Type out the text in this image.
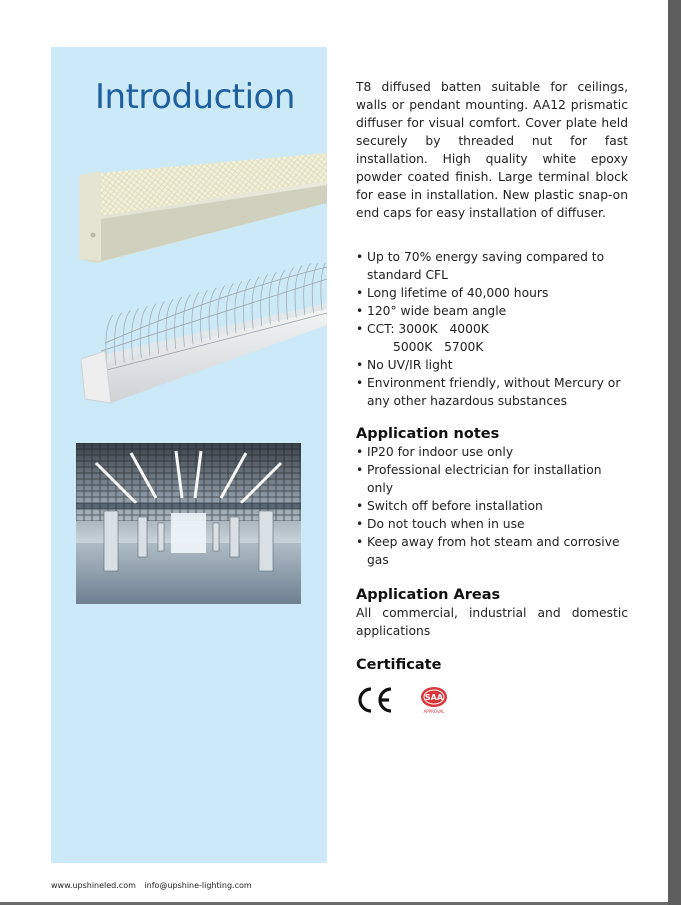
Introduction	T8 diffused batten suitable for ceilings, walls or pendant mounting. AA12 prismatic diffuser for visual comfort. Cover plate held securely by threaded nut for fast installation. High quality white epoxy powder coated finish. Large terminal block for ease in installation. New plastic snap-on end caps for easy installation of diffuser.

• Up to 70% energy saving compared to standard CFL
• Long lifetime of 40,000 hours
• 120° wide beam angle
• CCT: 3000K   4000K
5000K   5700K
• No UV/IR light
• Environment friendly, without Mercury or any other hazardous substances
Application notes
• IP20 for indoor use only
• Professional electrician for installation only
• Switch off before installation
• Do not touch when in use
• Keep away from hot steam and corrosive gas
Application Areas

All commercial, industrial and domestic applications

Certificate
SAA
APPROVAL
www.upshineled.com info@upshine-lighting.com
